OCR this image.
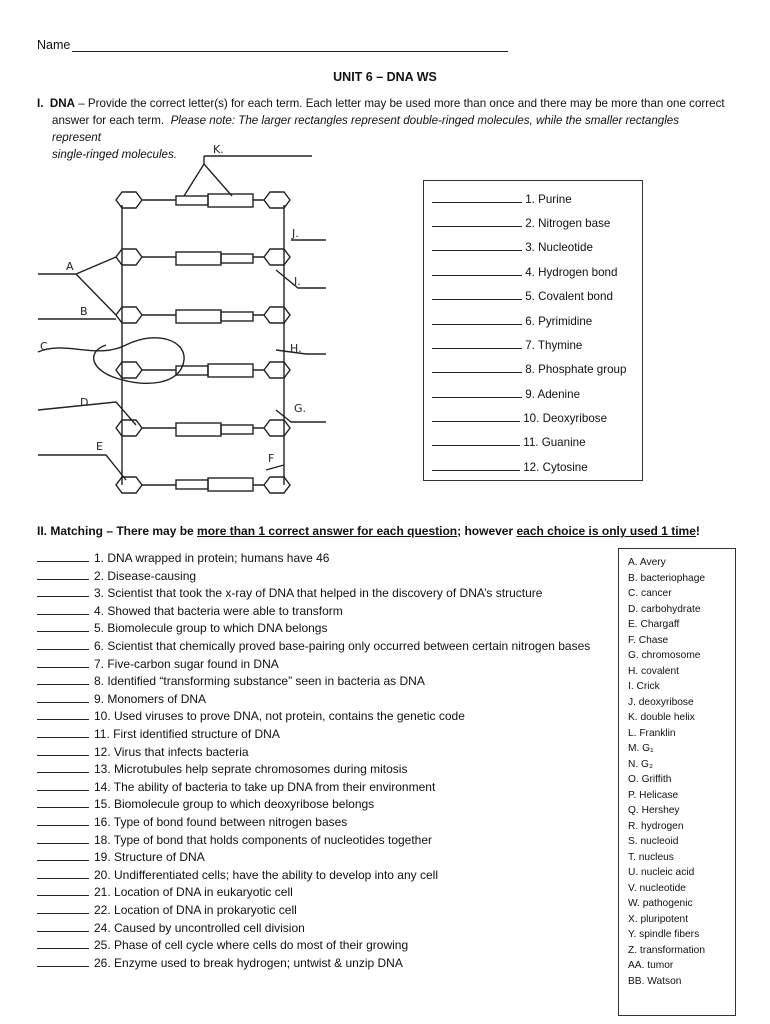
Name
UNIT 6 – DNA WS
I. DNA – Provide the correct letter(s) for each term. Each letter may be used more than once and there may be more than one correct
answer for each term. Please note: The larger rectangles represent double-ringed molecules, while the smaller rectangles represent
single-ringed molecules.	K.
A
B
C
D
E
J.
I.
H.
G.
F
1. Purine
2. Nitrogen base
3. Nucleotide
4. Hydrogen bond
5. Covalent bond
6. Pyrimidine
7. Thymine
8. Phosphate group
9. Adenine
10. Deoxyribose
11. Guanine
12. Cytosine
II. Matching – There may be more than 1 correct answer for each question; however each choice is only used 1 time!
1. DNA wrapped in protein; humans have 46
2. Disease-causing
3. Scientist that took the x-ray of DNA that helped in the discovery of DNA’s structure
4. Showed that bacteria were able to transform
5. Biomolecule group to which DNA belongs
6. Scientist that chemically proved base-pairing only occurred between certain nitrogen bases
7. Five-carbon sugar found in DNA
8. Identified “transforming substance” seen in bacteria as DNA
9. Monomers of DNA
10. Used viruses to prove DNA, not protein, contains the genetic code
11. First identified structure of DNA
12. Virus that infects bacteria
13. Microtubules help seprate chromosomes during mitosis
14. The ability of bacteria to take up DNA from their environment
15. Biomolecule group to which deoxyribose belongs
16. Type of bond found between nitrogen bases
18. Type of bond that holds components of nucleotides together
19. Structure of DNA
20. Undifferentiated cells; have the ability to develop into any cell
21. Location of DNA in eukaryotic cell
22. Location of DNA in prokaryotic cell
24. Caused by uncontrolled cell division
25. Phase of cell cycle where cells do most of their growing
26. Enzyme used to break hydrogen; untwist & unzip DNA
A. Avery
B. bacteriophage
C. cancer
D. carbohydrate
E. Chargaff
F. Chase
G. chromosome
H. covalent
I. Crick
J. deoxyribose
K. double helix
L. Franklin
M. G₁
N. G₂
O. Griffith
P. Helicase
Q. Hershey
R. hydrogen
S. nucleoid
T. nucleus
U. nucleic acid
V. nucleotide
W. pathogenic
X. pluripotent
Y. spindle fibers
Z. transformation
AA. tumor
BB. Watson
